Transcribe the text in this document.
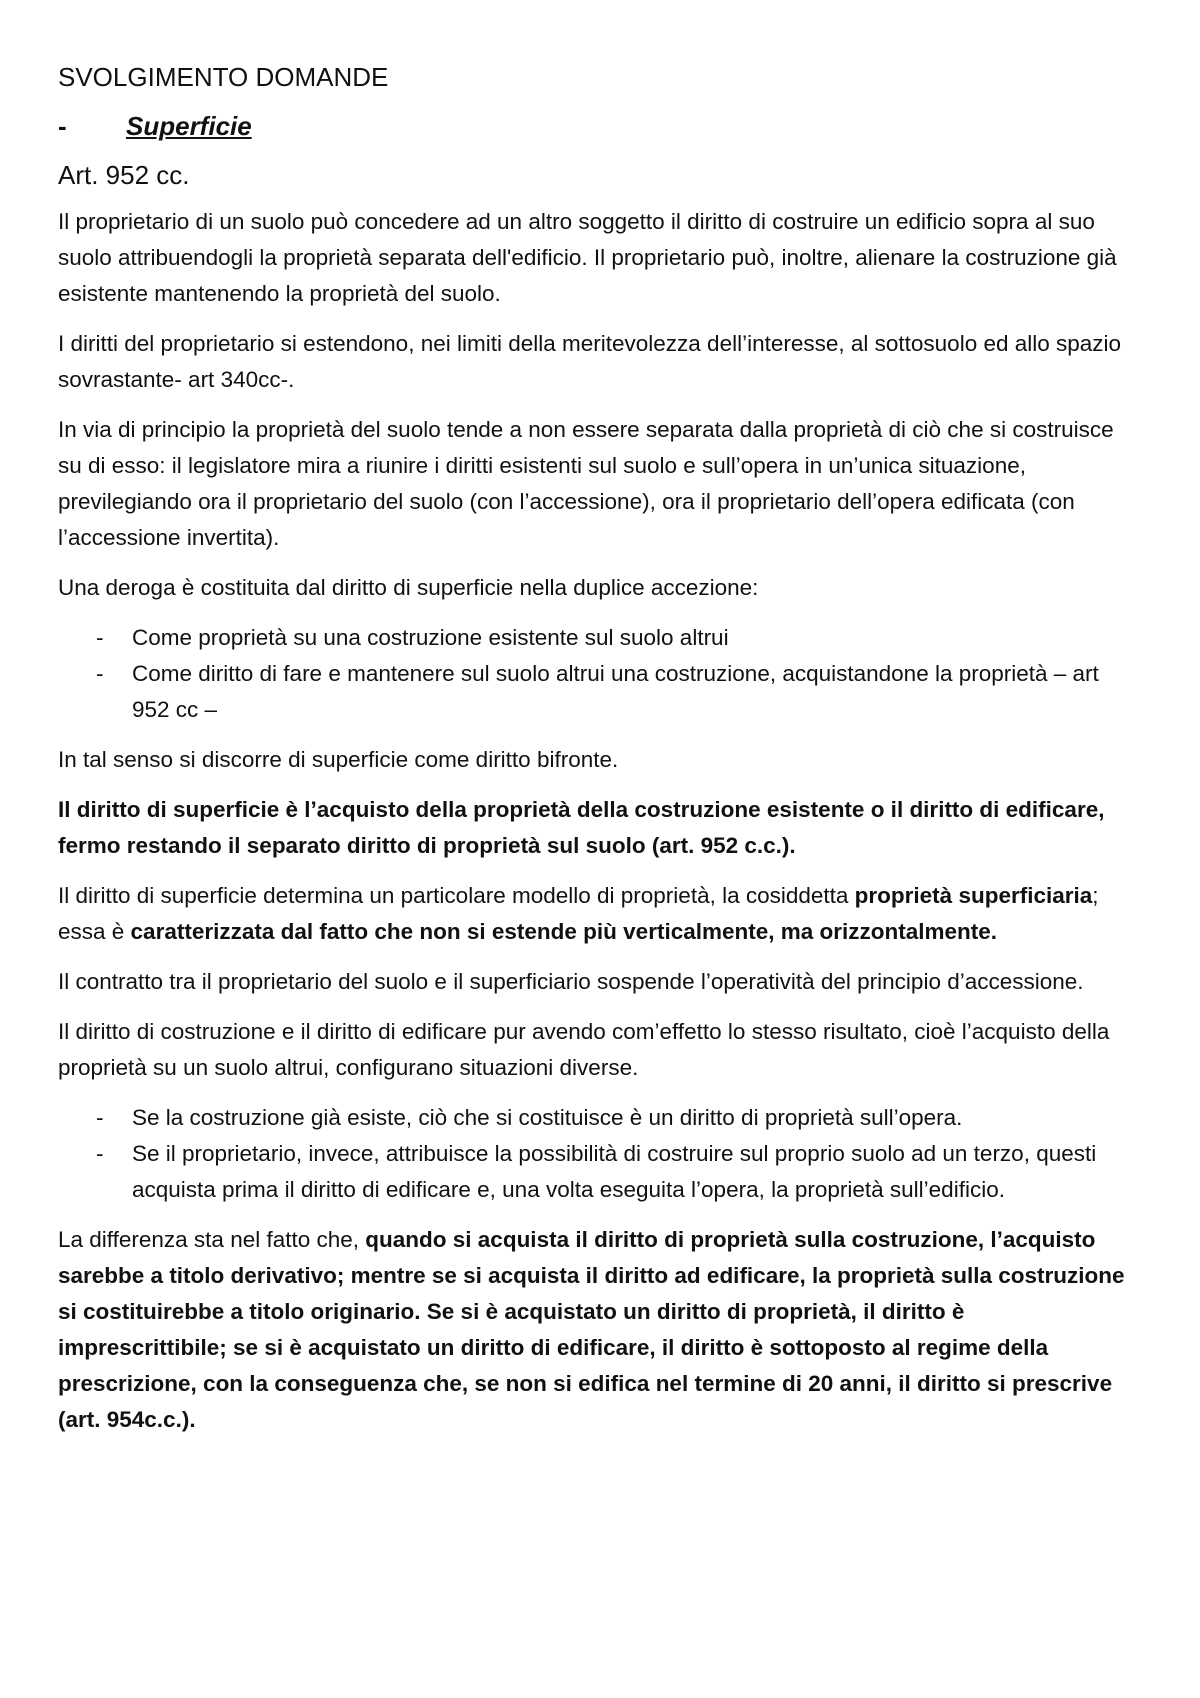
SVOLGIMENTO DOMANDE
-	Superficie
Art. 952 cc.

Il proprietario di un suolo può concedere ad un altro soggetto il diritto di costruire un edificio sopra al suo suolo attribuendogli la proprietà separata dell'edificio. Il proprietario può, inoltre, alienare la costruzione già esistente mantenendo la proprietà del suolo.

I diritti del proprietario si estendono, nei limiti della meritevolezza dell’interesse, al sottosuolo ed allo spazio sovrastante- art 340cc-.

In via di principio la proprietà del suolo tende a non essere separata dalla proprietà di ciò che si costruisce su di esso: il legislatore mira a riunire i diritti esistenti sul suolo e sull’opera in un’unica situazione, previlegiando ora il proprietario del suolo (con l’accessione), ora il proprietario dell’opera edificata (con l’accessione invertita).

Una deroga è costituita dal diritto di superficie nella duplice accezione:

- Come proprietà su una costruzione esistente sul suolo altrui
- Come diritto di fare e mantenere sul suolo altrui una costruzione, acquistandone la proprietà – art 952 cc –

In tal senso si discorre di superficie come diritto bifronte.

Il diritto di superficie è l’acquisto della proprietà della costruzione esistente o il diritto di edificare, fermo restando il separato diritto di proprietà sul suolo (art. 952 c.c.).

Il diritto di superficie determina un particolare modello di proprietà, la cosiddetta proprietà superficiaria; essa è caratterizzata dal fatto che non si estende più verticalmente, ma orizzontalmente.

Il contratto tra il proprietario del suolo e il superficiario sospende l’operatività del principio d’accessione.

Il diritto di costruzione e il diritto di edificare pur avendo com’effetto lo stesso risultato, cioè l’acquisto della proprietà su un suolo altrui, configurano situazioni diverse.

- Se la costruzione già esiste, ciò che si costituisce è un diritto di proprietà sull’opera.
- Se il proprietario, invece, attribuisce la possibilità di costruire sul proprio suolo ad un terzo, questi acquista prima il diritto di edificare e, una volta eseguita l’opera, la proprietà sull’edificio.

La differenza sta nel fatto che, quando si acquista il diritto di proprietà sulla costruzione, l’acquisto sarebbe a titolo derivativo; mentre se si acquista il diritto ad edificare, la proprietà sulla costruzione si costituirebbe a titolo originario. Se si è acquistato un diritto di proprietà, il diritto è imprescrittibile; se si è acquistato un diritto di edificare, il diritto è sottoposto al regime della prescrizione, con la conseguenza che, se non si edifica nel termine di 20 anni, il diritto si prescrive (art. 954c.c.).
